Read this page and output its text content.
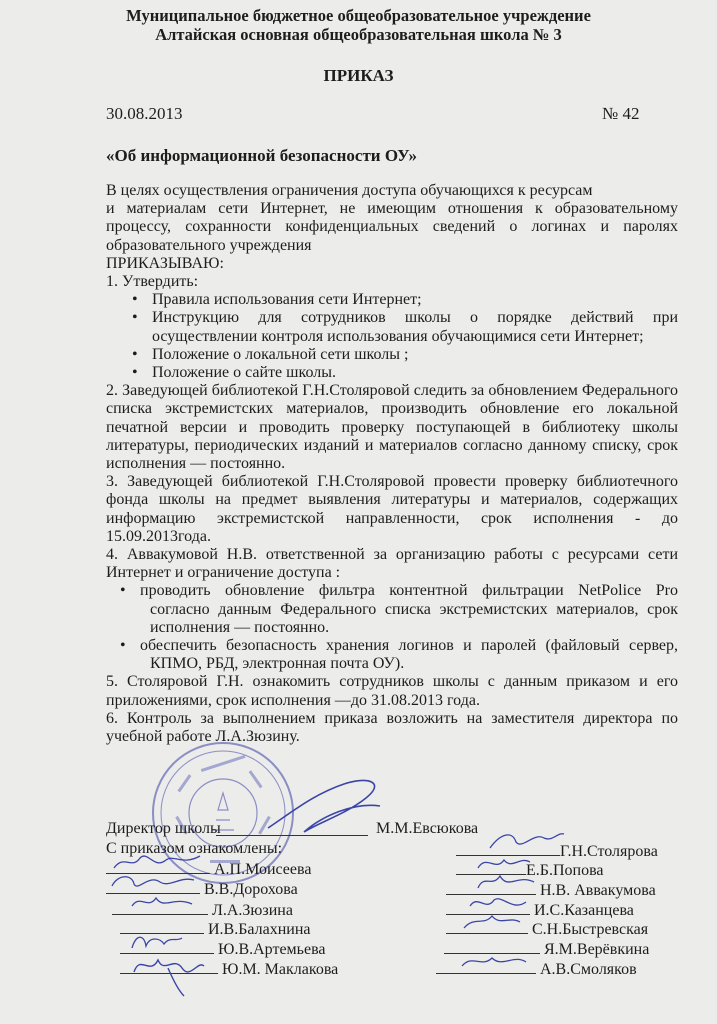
Муниципальное бюджетное общеобразовательное учреждение
Алтайская основная общеобразовательная школа № 3
ПРИКАЗ
30.08.2013	№ 42
«Об информационной безопасности ОУ»

В целях осуществления ограничения доступа обучающихся к ресурсам

и материалам сети Интернет, не имеющим отношения к образовательному процессу, сохранности конфиденциальных сведений о логинах и паролях образовательного учреждения

ПРИКАЗЫВАЮ:

1. Утвердить:

• Правила использования сети Интернет;
• Инструкцию для сотрудников школы о порядке действий при осуществлении контроля использования обучающимися сети Интернет;
• Положение о локальной сети школы ;
• Положение о сайте школы.

2. Заведующей библиотекой Г.Н.Столяровой следить за обновлением Федерального списка экстремистских материалов, производить обновление его локальной печатной версии и проводить проверку поступающей в библиотеку школы литературы, периодических изданий и материалов согласно данному списку, срок исполнения — постоянно.

3. Заведующей библиотекой Г.Н.Столяровой провести проверку библиотечного фонда школы на предмет выявления литературы и материалов, содержащих информацию экстремистской направленности, срок исполнения - до 15.09.2013года.

4. Аввакумовой Н.В. ответственной за организацию работы с ресурсами сети Интернет и ограничение доступа :

• проводить обновление фильтра контентной фильтрации NetPolice Pro согласно данным Федерального списка экстремистских материалов, срок исполнения — постоянно.
• обеспечить безопасность хранения логинов и паролей (файловый сервер, КПМО, РБД, электронная почта ОУ).

5. Столяровой Г.Н. ознакомить сотрудников школы с данным приказом и его приложениями, срок исполнения —до 31.08.2013 года.

6. Контроль за выполнением приказа возложить на заместителя директора по учебной работе Л.А.Зюзину.

Директор школы	М.М.Евсюкова
С приказом ознакомлены:
А.П.Моисеева
В.В.Дорохова
Л.А.Зюзина
И.В.Балахнина
Ю.В.Артемьева
Ю.М. Маклакова
Г.Н.Столярова
Е.Б.Попова
Н.В. Аввакумова
И.С.Казанцева
С.Н.Быстревская
Я.М.Верёвкина
А.В.Смоляков
